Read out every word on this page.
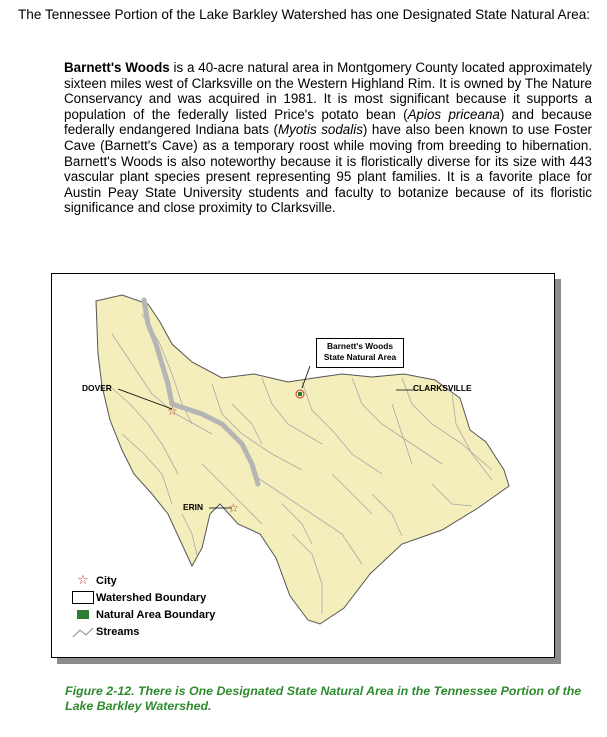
The Tennessee Portion of the Lake Barkley Watershed has one Designated State Natural Area:

Barnett's Woods is a 40-acre natural area in Montgomery County located approximately sixteen miles west of Clarksville on the Western Highland Rim. It is owned by The Nature Conservancy and was acquired in 1981. It is most significant because it supports a population of the federally listed Price's potato bean (Apios priceana) and because federally endangered Indiana bats (Myotis sodalis) have also been known to use Foster Cave (Barnett's Cave) as a temporary roost while moving from breeding to hibernation. Barnett's Woods is also noteworthy because it is floristically diverse for its size with 443 vascular plant species present representing 95 plant families. It is a favorite place for Austin Peay State University students and faculty to botanize because of its floristic significance and close proximity to Clarksville.

☆
☆
Barnett's Woods
State Natural Area
DOVER
ERIN
CLARKSVILLE
☆ City
Watershed Boundary
Natural Area Boundary
Streams

Figure 2-12. There is One Designated State Natural Area in the Tennessee Portion of the Lake Barkley Watershed.
